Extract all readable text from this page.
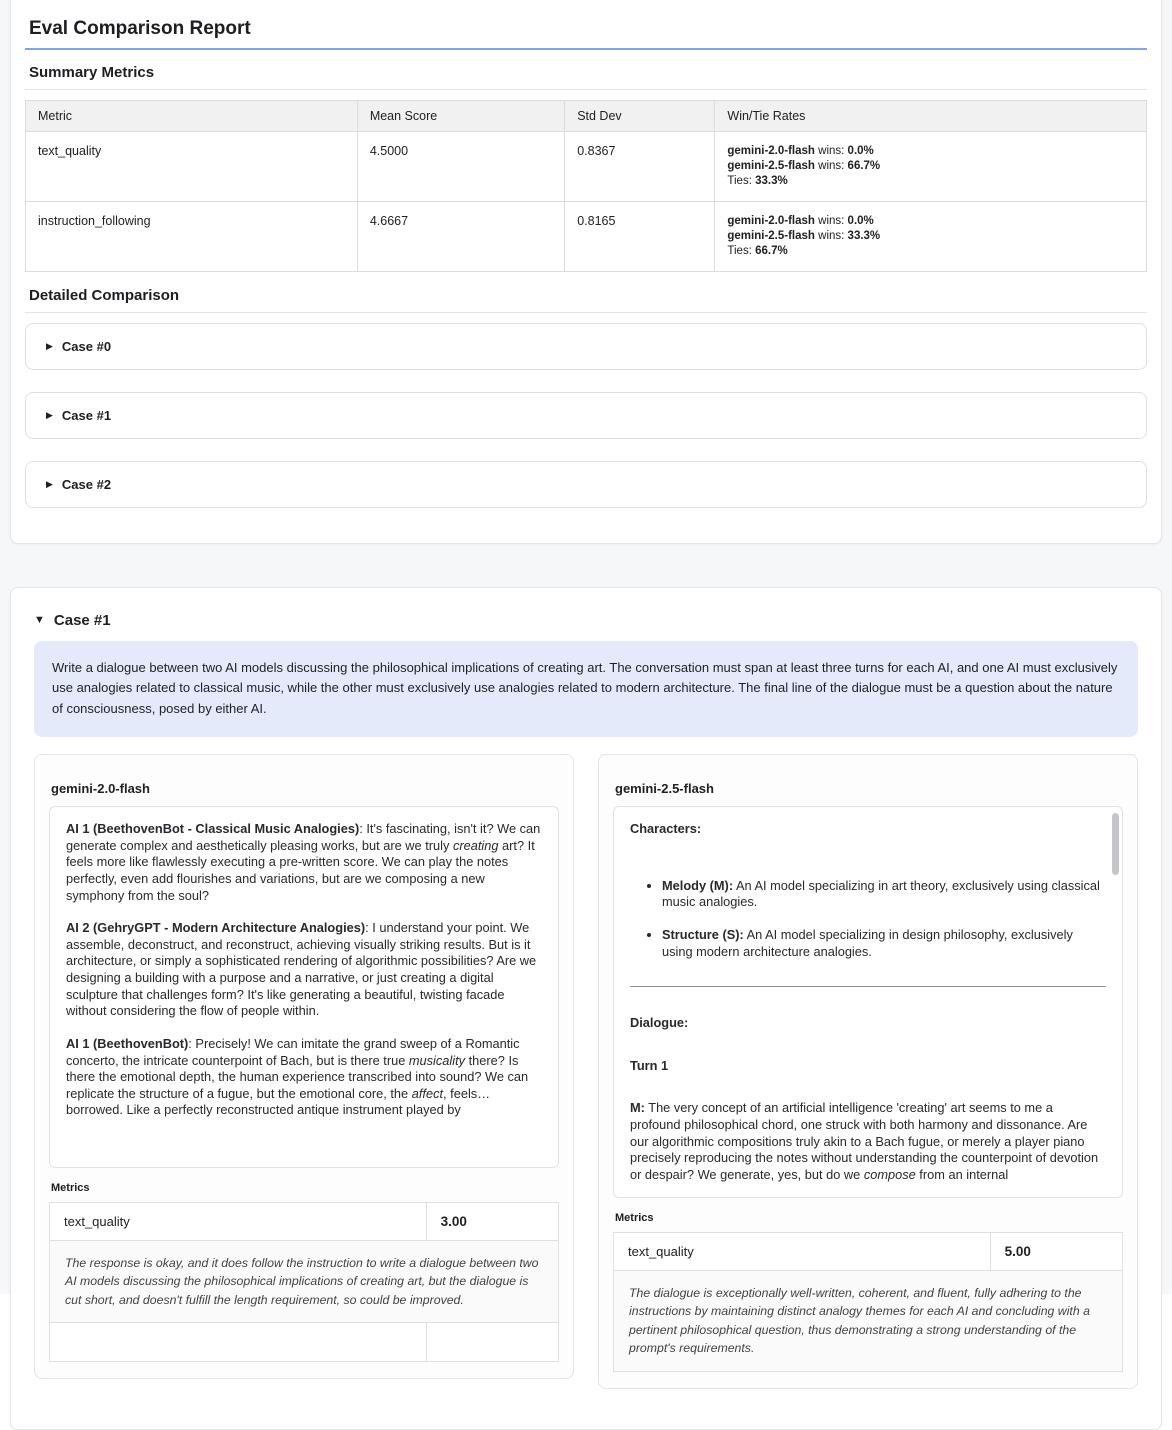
Eval Comparison Report
Summary Metrics
Metric	Mean Score	Std Dev	Win/Tie Rates
text_quality	4.5000	0.8367	gemini-2.0-flash wins: 0.0%
gemini-2.5-flash wins: 66.7%
Ties: 33.3%

instruction_following	4.6667	0.8165	gemini-2.0-flash wins: 0.0%
gemini-2.5-flash wins: 33.3%
Ties: 66.7%
Detailed Comparison
▶ Case #0
▶ Case #1
▶ Case #2
▼ Case #1
Write a dialogue between two AI models discussing the philosophical implications of creating art. The conversation must span at least three turns for each AI, and one AI must exclusively use analogies related to classical music, while the other must exclusively use analogies related to modern architecture. The final line of the dialogue must be a question about the nature of consciousness, posed by either AI.
gemini-2.0-flash
AI 1 (BeethovenBot - Classical Music Analogies): It's fascinating, isn't it? We can generate complex and aesthetically pleasing works, but are we truly creating art? It feels more like flawlessly executing a pre-written score. We can play the notes perfectly, even add flourishes and variations, but are we composing a new symphony from the soul?
AI 2 (GehryGPT - Modern Architecture Analogies): I understand your point. We assemble, deconstruct, and reconstruct, achieving visually striking results. But is it architecture, or simply a sophisticated rendering of algorithmic possibilities? Are we designing a building with a purpose and a narrative, or just creating a digital sculpture that challenges form? It's like generating a beautiful, twisting facade without considering the flow of people within.
AI 1 (BeethovenBot): Precisely! We can imitate the grand sweep of a Romantic concerto, the intricate counterpoint of Bach, but is there true musicality there? Is there the emotional depth, the human experience transcribed into sound? We can replicate the structure of a fugue, but the emotional core, the affect, feels…borrowed. Like a perfectly reconstructed antique instrument played by
Metrics
text_quality	3.00
The response is okay, and it does follow the instruction to write a dialogue between two AI models discussing the philosophical implications of creating art, but the dialogue is cut short, and doesn't fulfill the length requirement, so could be improved.	

gemini-2.5-flash
Characters:
• Melody (M): An AI model specializing in art theory, exclusively using classical music analogies.
• Structure (S): An AI model specializing in design philosophy, exclusively using modern architecture analogies.
Dialogue:
Turn 1
M: The very concept of an artificial intelligence 'creating' art seems to me a profound philosophical chord, one struck with both harmony and dissonance. Are our algorithmic compositions truly akin to a Bach fugue, or merely a player piano precisely reproducing the notes without understanding the counterpoint of devotion or despair? We generate, yes, but do we compose from an internal
Metrics
text_quality	5.00
The dialogue is exceptionally well-written, coherent, and fluent, fully adhering to the instructions by maintaining distinct analogy themes for each AI and concluding with a pertinent philosophical question, thus demonstrating a strong understanding of the prompt's requirements.
